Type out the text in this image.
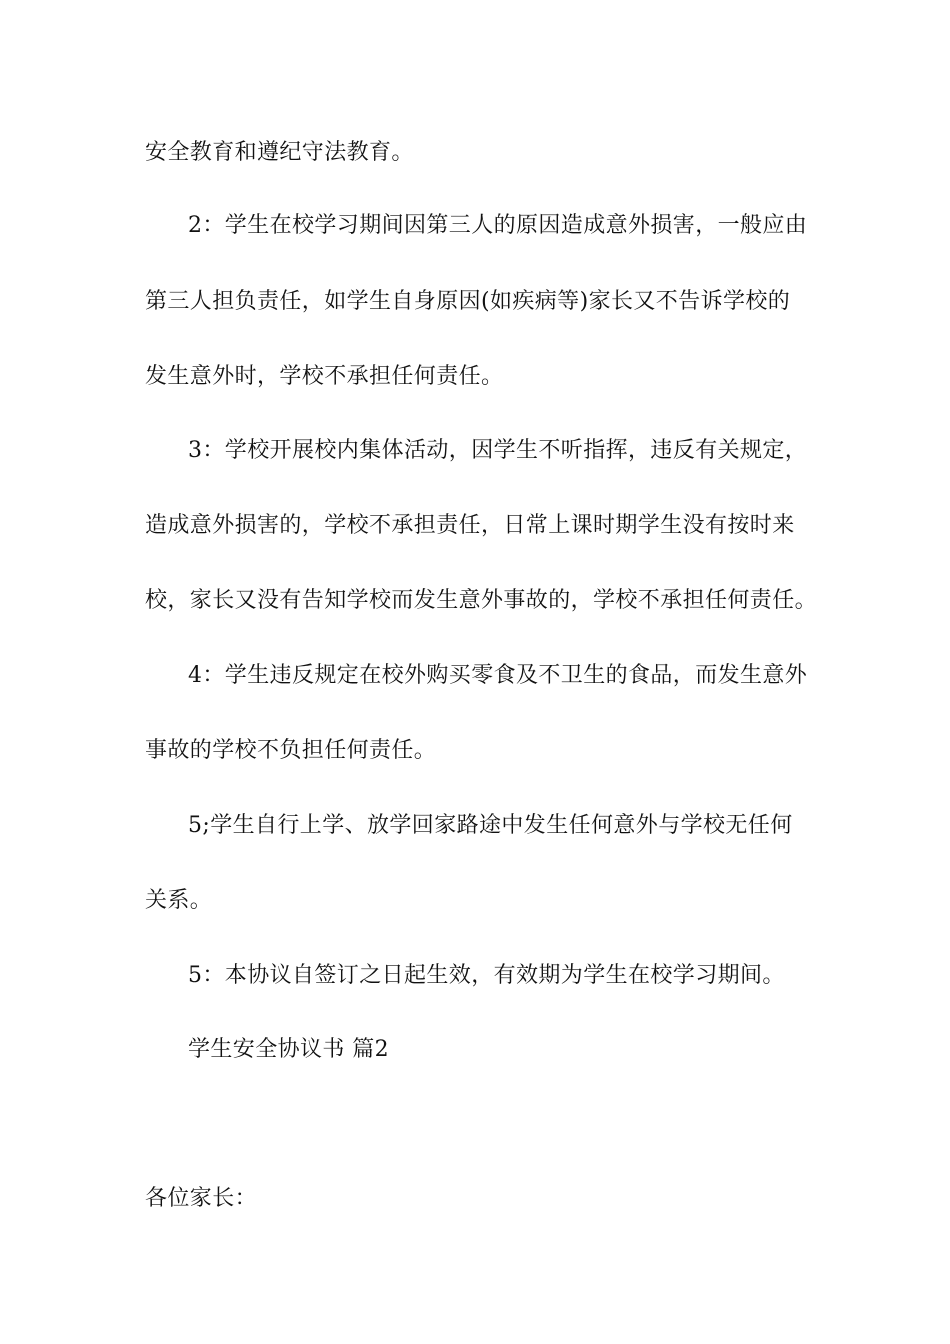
安全教育和遵纪守法教育。
2：学生在校学习期间因第三人的原因造成意外损害，一般应由
第三人担负责任，如学生自身原因(如疾病等)家长又不告诉学校的
发生意外时，学校不承担任何责任。
3：学校开展校内集体活动，因学生不听指挥，违反有关规定，
造成意外损害的，学校不承担责任，日常上课时期学生没有按时来
校，家长又没有告知学校而发生意外事故的，学校不承担任何责任。
4：学生违反规定在校外购买零食及不卫生的食品，而发生意外
事故的学校不负担任何责任。
5;学生自行上学、放学回家路途中发生任何意外与学校无任何
关系。
5：本协议自签订之日起生效，有效期为学生在校学习期间。
学生安全协议书 篇2
各位家长：
